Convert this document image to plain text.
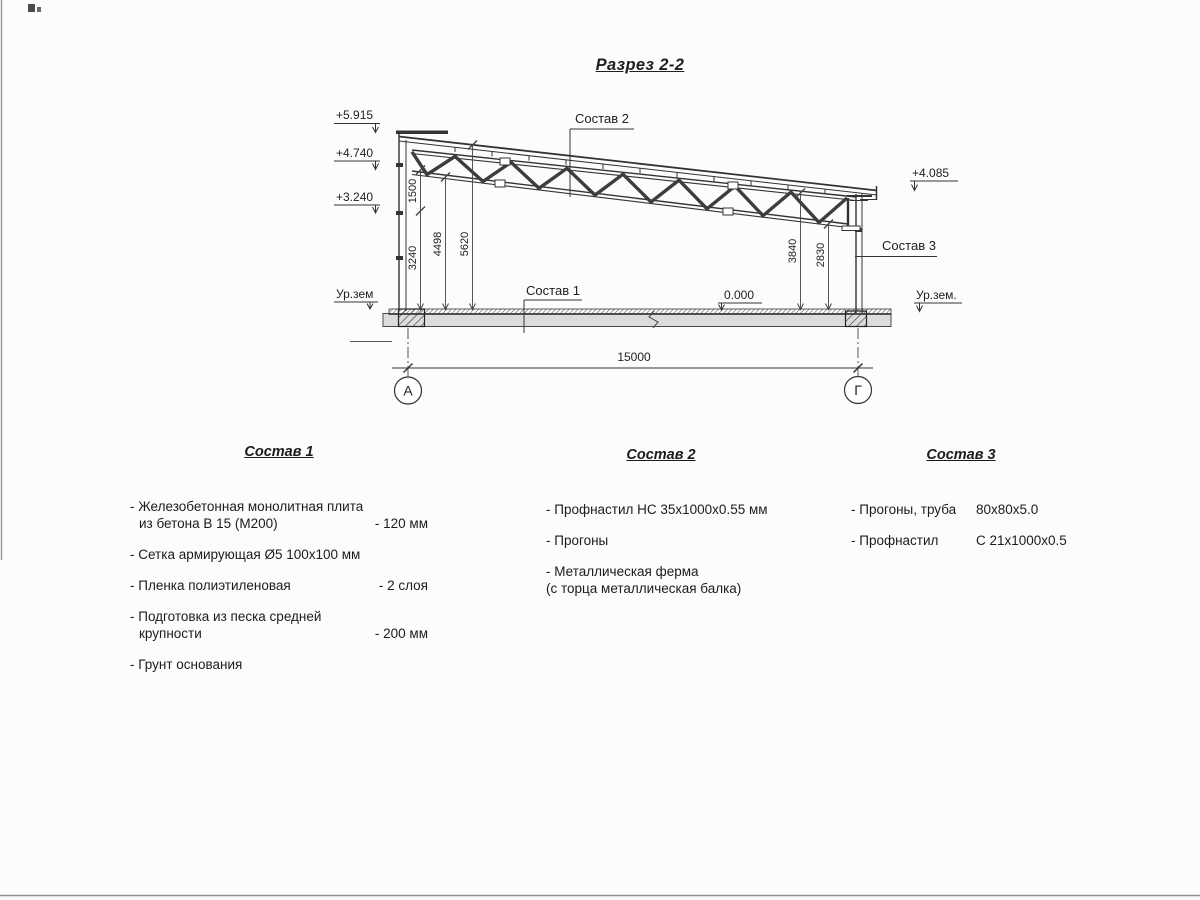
1500
3240
4498 5620	3840 2830
+5.915
+4.740
+3.240
+4.085
0.000
Ур.зем	Ур.зем.
Состав 2
Состав 1
Состав 3
15000
А	Г
Разрез 2-2
Состав 1
- Железобетонная монолитная плита
из бетона В 15 (М200)	- 120 мм
- Сетка армирующая Ø5 100x100 мм
- Пленка полиэтиленовая	- 2 слоя
- Подготовка из песка средней
крупности	- 200 мм
- Грунт основания
Состав 2
- Профнастил НС 35x1000x0.55 мм
- Прогоны
- Металлическая ферма
(с торца металлическая балка)
Состав 3
- Прогоны, труба	80x80x5.0
- Профнастил	С 21x1000x0.5
